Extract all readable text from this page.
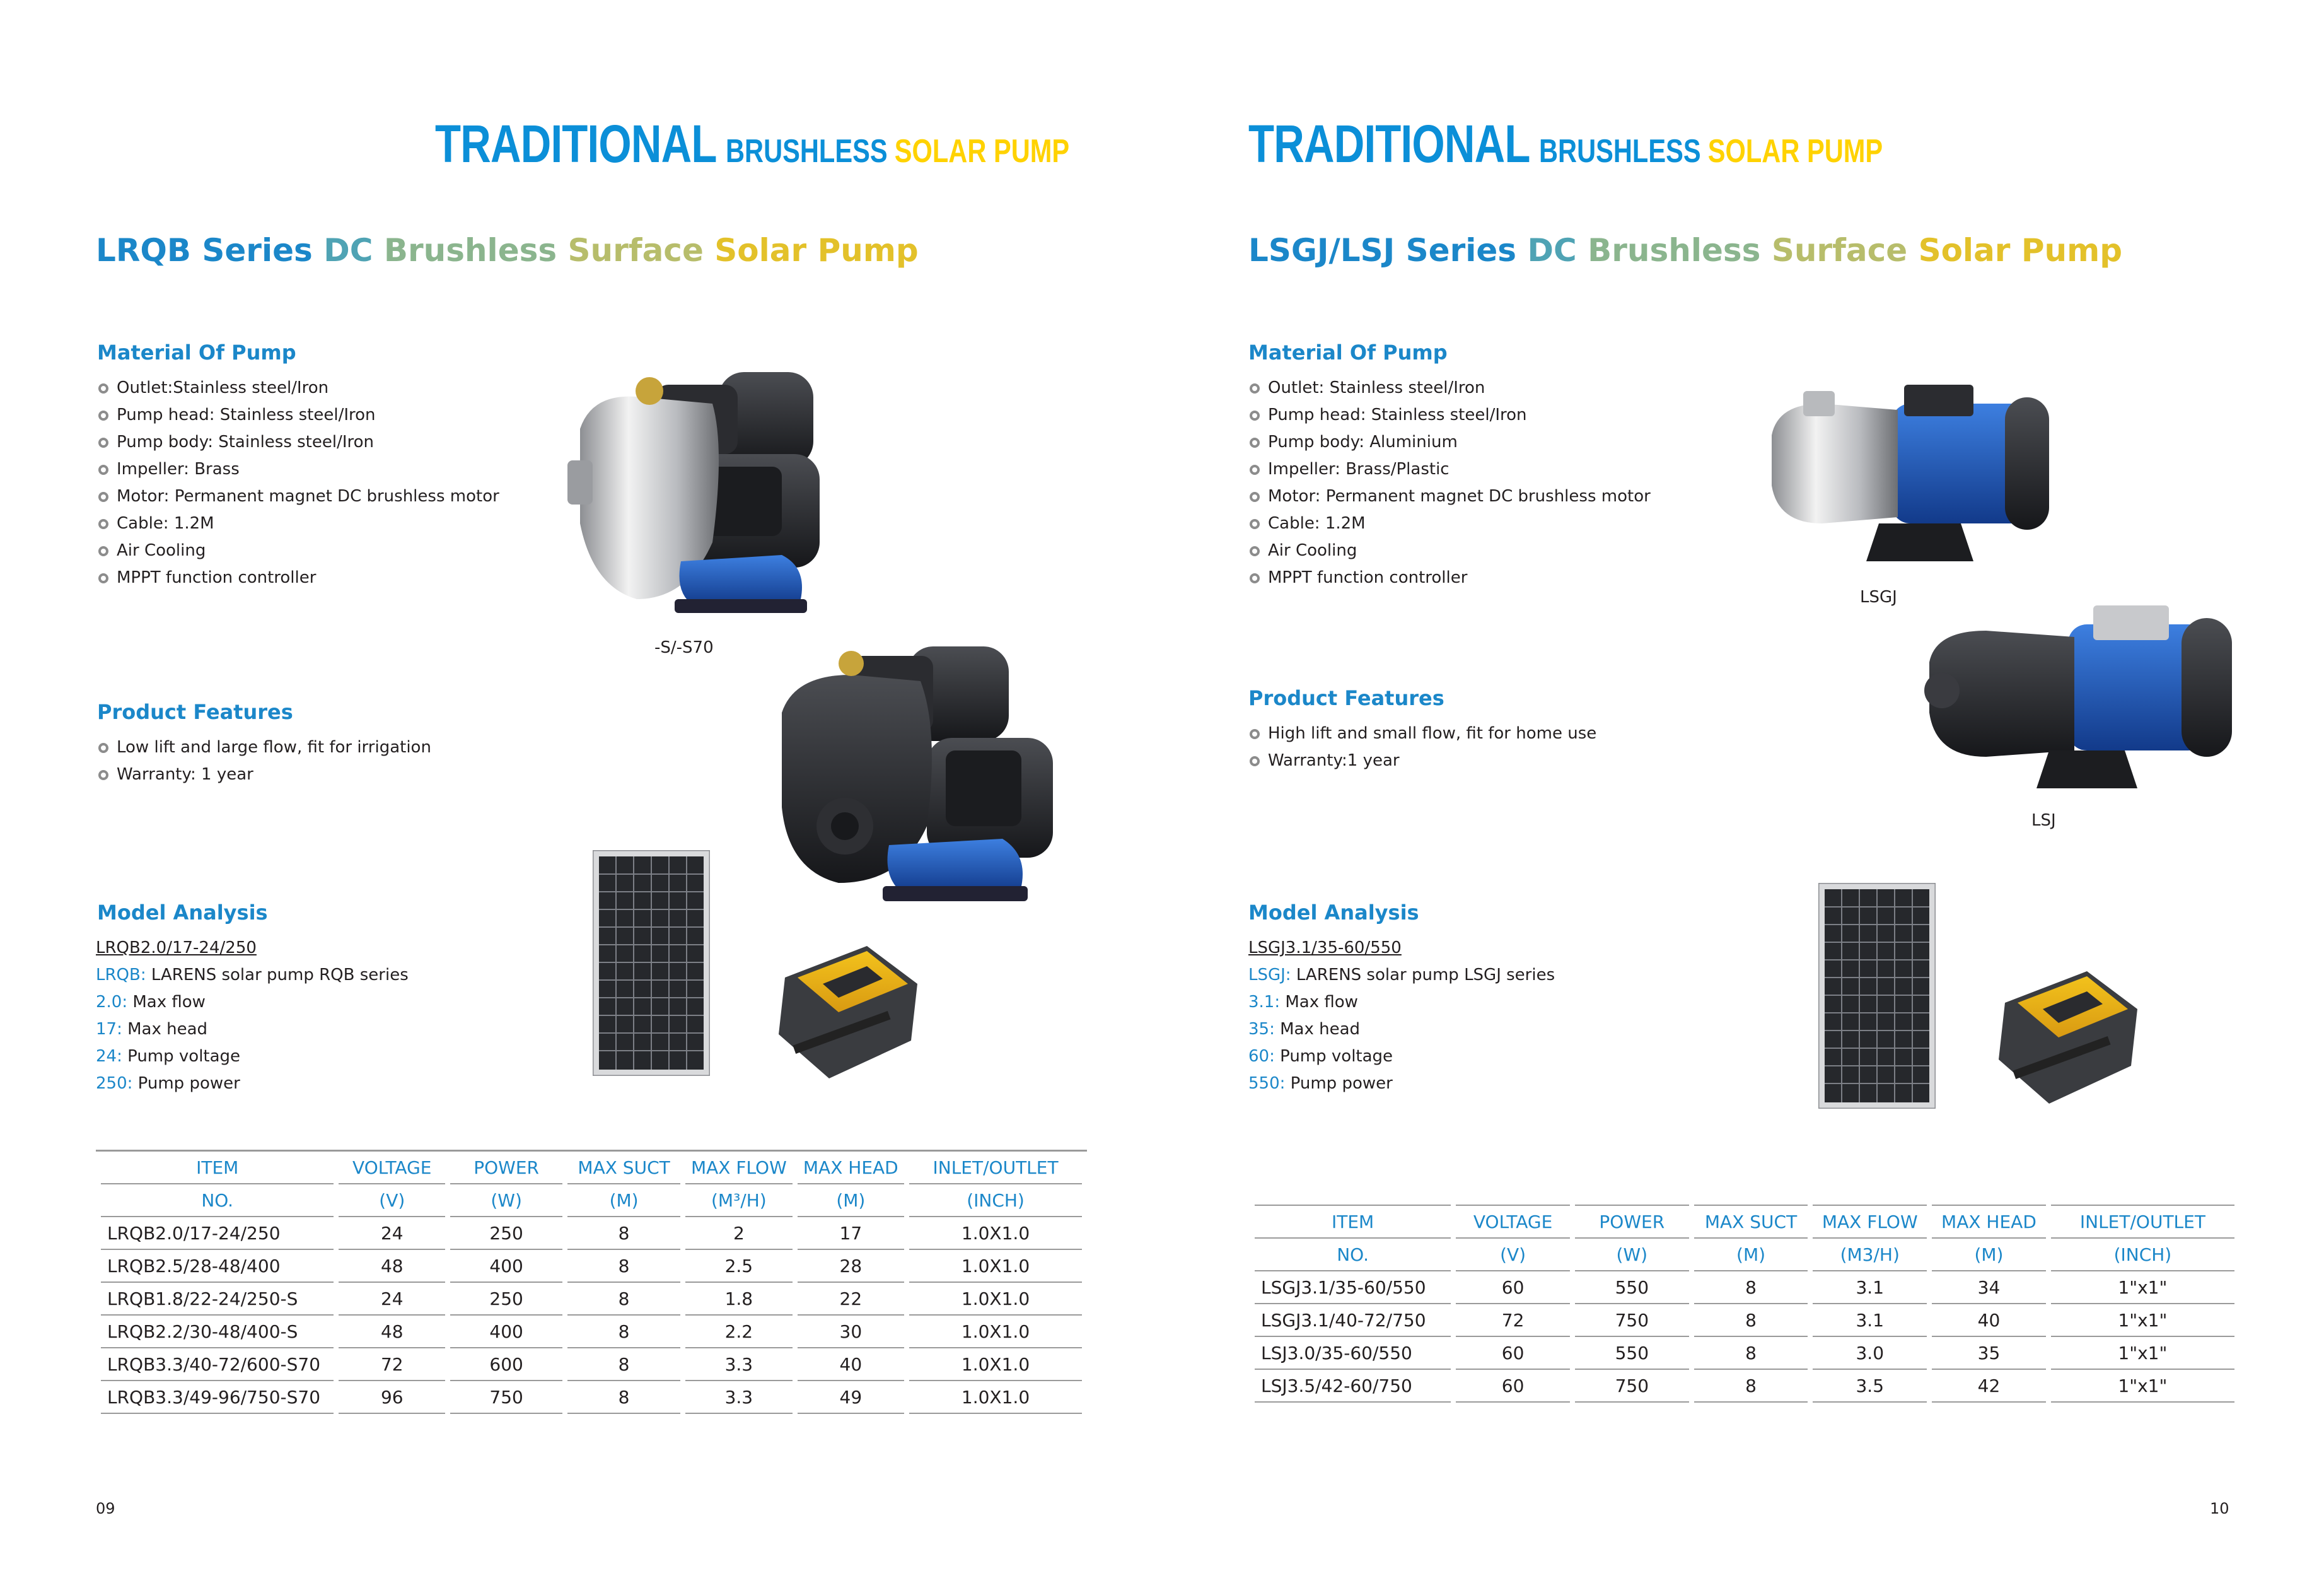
TRADITIONAL BRUSHLESS SOLAR PUMP
LRQB Series DC Brushless Surface Solar Pump
Material Of Pump
Outlet:Stainless steel/Iron
Pump head: Stainless steel/Iron
Pump body: Stainless steel/Iron
Impeller: Brass
Motor: Permanent magnet DC brushless motor
Cable: 1.2M
Air Cooling
MPPT function controller
-S/-S70
Product Features
Low lift and large flow, fit for irrigation
Warranty: 1 year
Model Analysis
LRQB2.0/17-24/250
LRQB: LARENS solar pump RQB series
2.0: Max flow
17: Max head
24: Pump voltage
250: Pump power
ITEM	VOLTAGE	POWER	MAX SUCT	MAX FLOW	MAX HEAD	INLET/OUTLET
NO.	(V)	(W)	(M)	(M³/H)	(M)	(INCH)
LRQB2.0/17-24/250	24	250	8	2	17	1.0X1.0
LRQB2.5/28-48/400	48	400	8	2.5	28	1.0X1.0
LRQB1.8/22-24/250-S	24	250	8	1.8	22	1.0X1.0
LRQB2.2/30-48/400-S	48	400	8	2.2	30	1.0X1.0
LRQB3.3/40-72/600-S70	72	600	8	3.3	40	1.0X1.0
LRQB3.3/49-96/750-S70	96	750	8	3.3	49	1.0X1.0
09
TRADITIONAL BRUSHLESS SOLAR PUMP
LSGJ/LSJ Series DC Brushless Surface Solar Pump
Material Of Pump
Outlet: Stainless steel/Iron
Pump head: Stainless steel/Iron
Pump body: Aluminium
Impeller: Brass/Plastic
Motor: Permanent magnet DC brushless motor
Cable: 1.2M
Air Cooling
MPPT function controller
LSGJ
LSJ
Product Features
High lift and small flow, fit for home use
Warranty:1 year
Model Analysis
LSGJ3.1/35-60/550
LSGJ: LARENS solar pump LSGJ series
3.1: Max flow
35: Max head
60: Pump voltage
550: Pump power
ITEM	VOLTAGE	POWER	MAX SUCT	MAX FLOW	MAX HEAD	INLET/OUTLET
NO.	(V)	(W)	(M)	(M3/H)	(M)	(INCH)
LSGJ3.1/35-60/550	60	550	8	3.1	34	1"x1"
LSGJ3.1/40-72/750	72	750	8	3.1	40	1"x1"
LSJ3.0/35-60/550	60	550	8	3.0	35	1"x1"
LSJ3.5/42-60/750	60	750	8	3.5	42	1"x1"
10
